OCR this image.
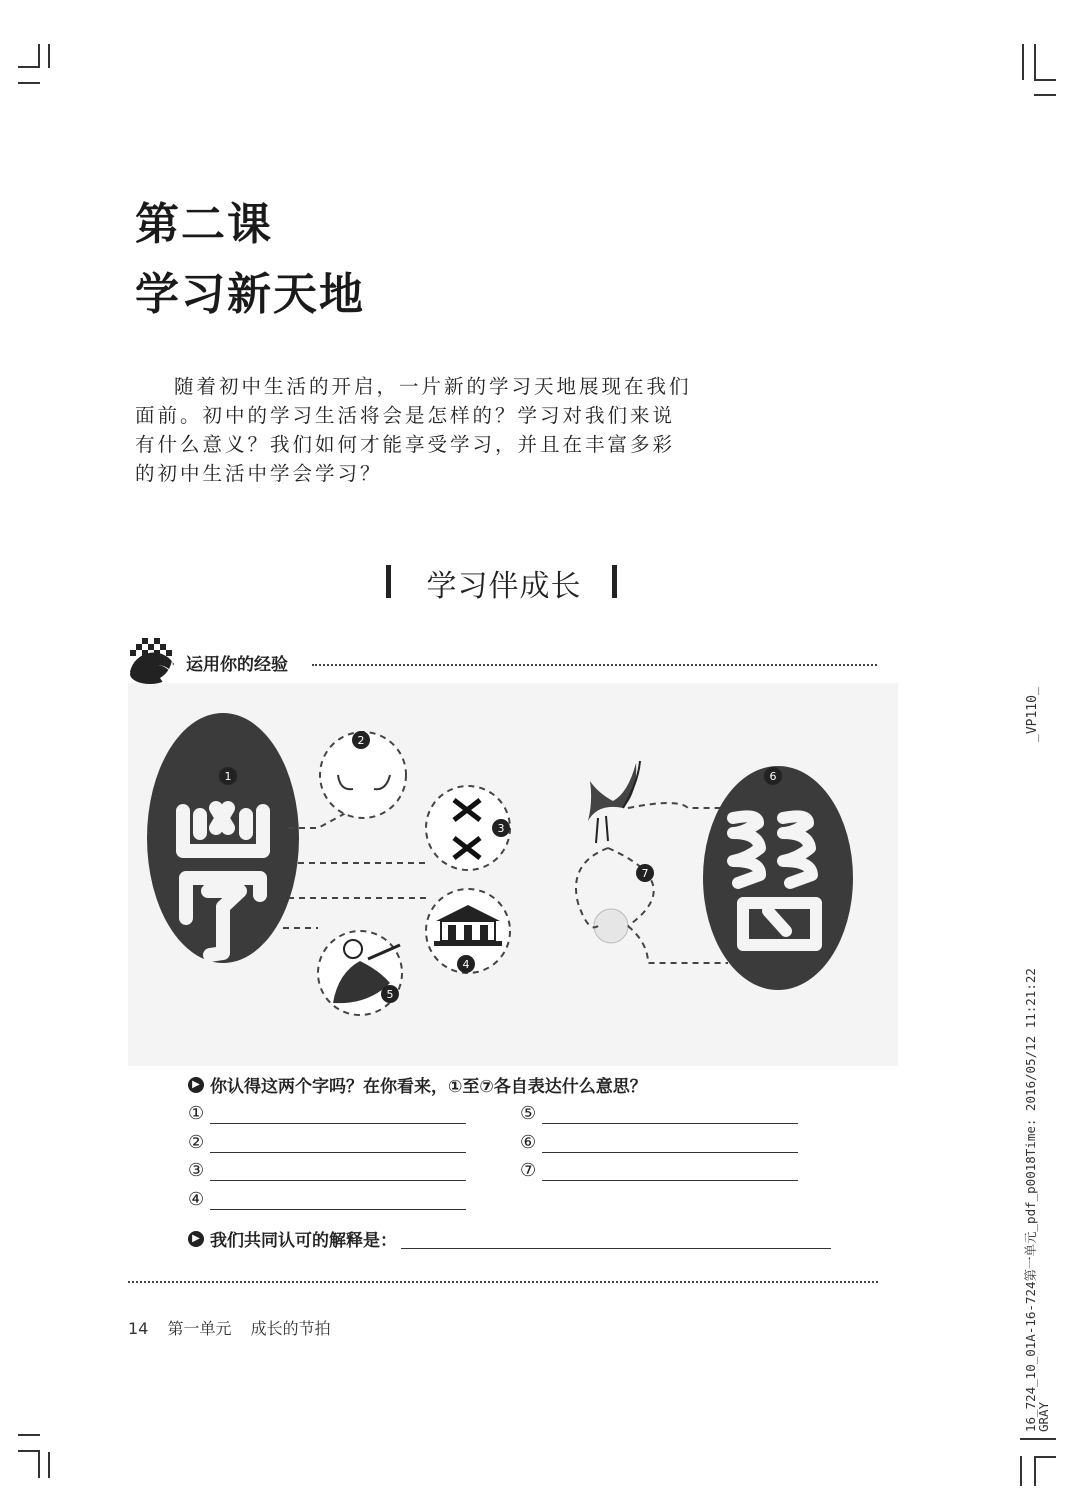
第二课
学习新天地

随着初中生活的开启，一片新的学习天地展现在我们面前。初中的学习生活将会是怎样的？学习对我们来说有什么意义？我们如何才能享受学习，并且在丰富多彩的初中生活中学会学习？

学习伴成长
运用你的经验
1
2
3
4
5
7
6
▶ 你认得这两个字吗？在你看来，①至⑦各自表达什么意思？
①
②
③
④
⑤
⑥
⑦
▶ 我们共同认可的解释是：
14 第一单元 成长的节拍
_VP110_
16_724_10_01A-16-724第一单元_pdf_p0018Time: 2016/05/12 11:21:22
GRAY
